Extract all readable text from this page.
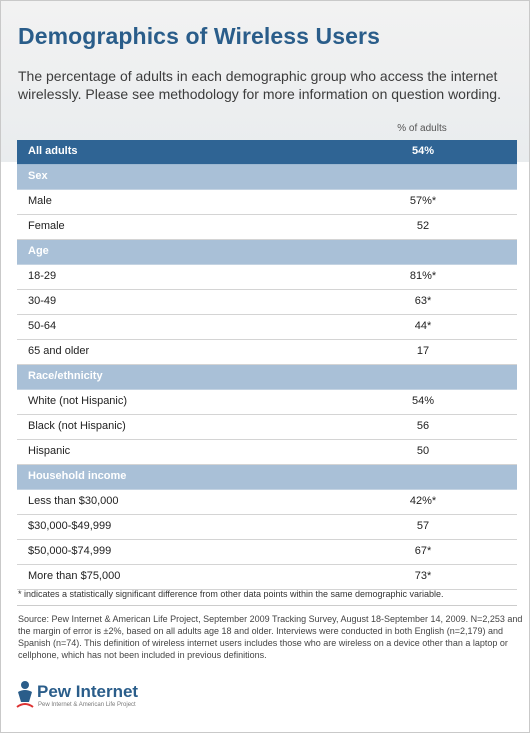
Demographics of Wireless Users
The percentage of adults in each demographic group who access the internet wirelessly. Please see methodology for more information on question wording.
% of adults
All adults	54%
Sex
Male	57%*
Female	52
Age
18-29	81%*
30-49	63*
50-64	44*
65 and older	17
Race/ethnicity
White (not Hispanic)	54%
Black (not Hispanic)	56
Hispanic	50
Household income
Less than $30,000	42%*
$30,000-$49,999	57
$50,000-$74,999	67*
More than $75,000	73*
* indicates a statistically significant difference from other data points within the same demographic variable.
Source: Pew Internet & American Life Project, September 2009 Tracking Survey, August 18-September 14, 2009. N=2,253 and the margin of error is ±2%, based on all adults age 18 and older. Interviews were conducted in both English (n=2,179) and Spanish (n=74). This definition of wireless internet users includes those who are wireless on a device other than a laptop or cellphone, which has not been included in previous definitions.
Pew Internet
Pew Internet & American Life Project
